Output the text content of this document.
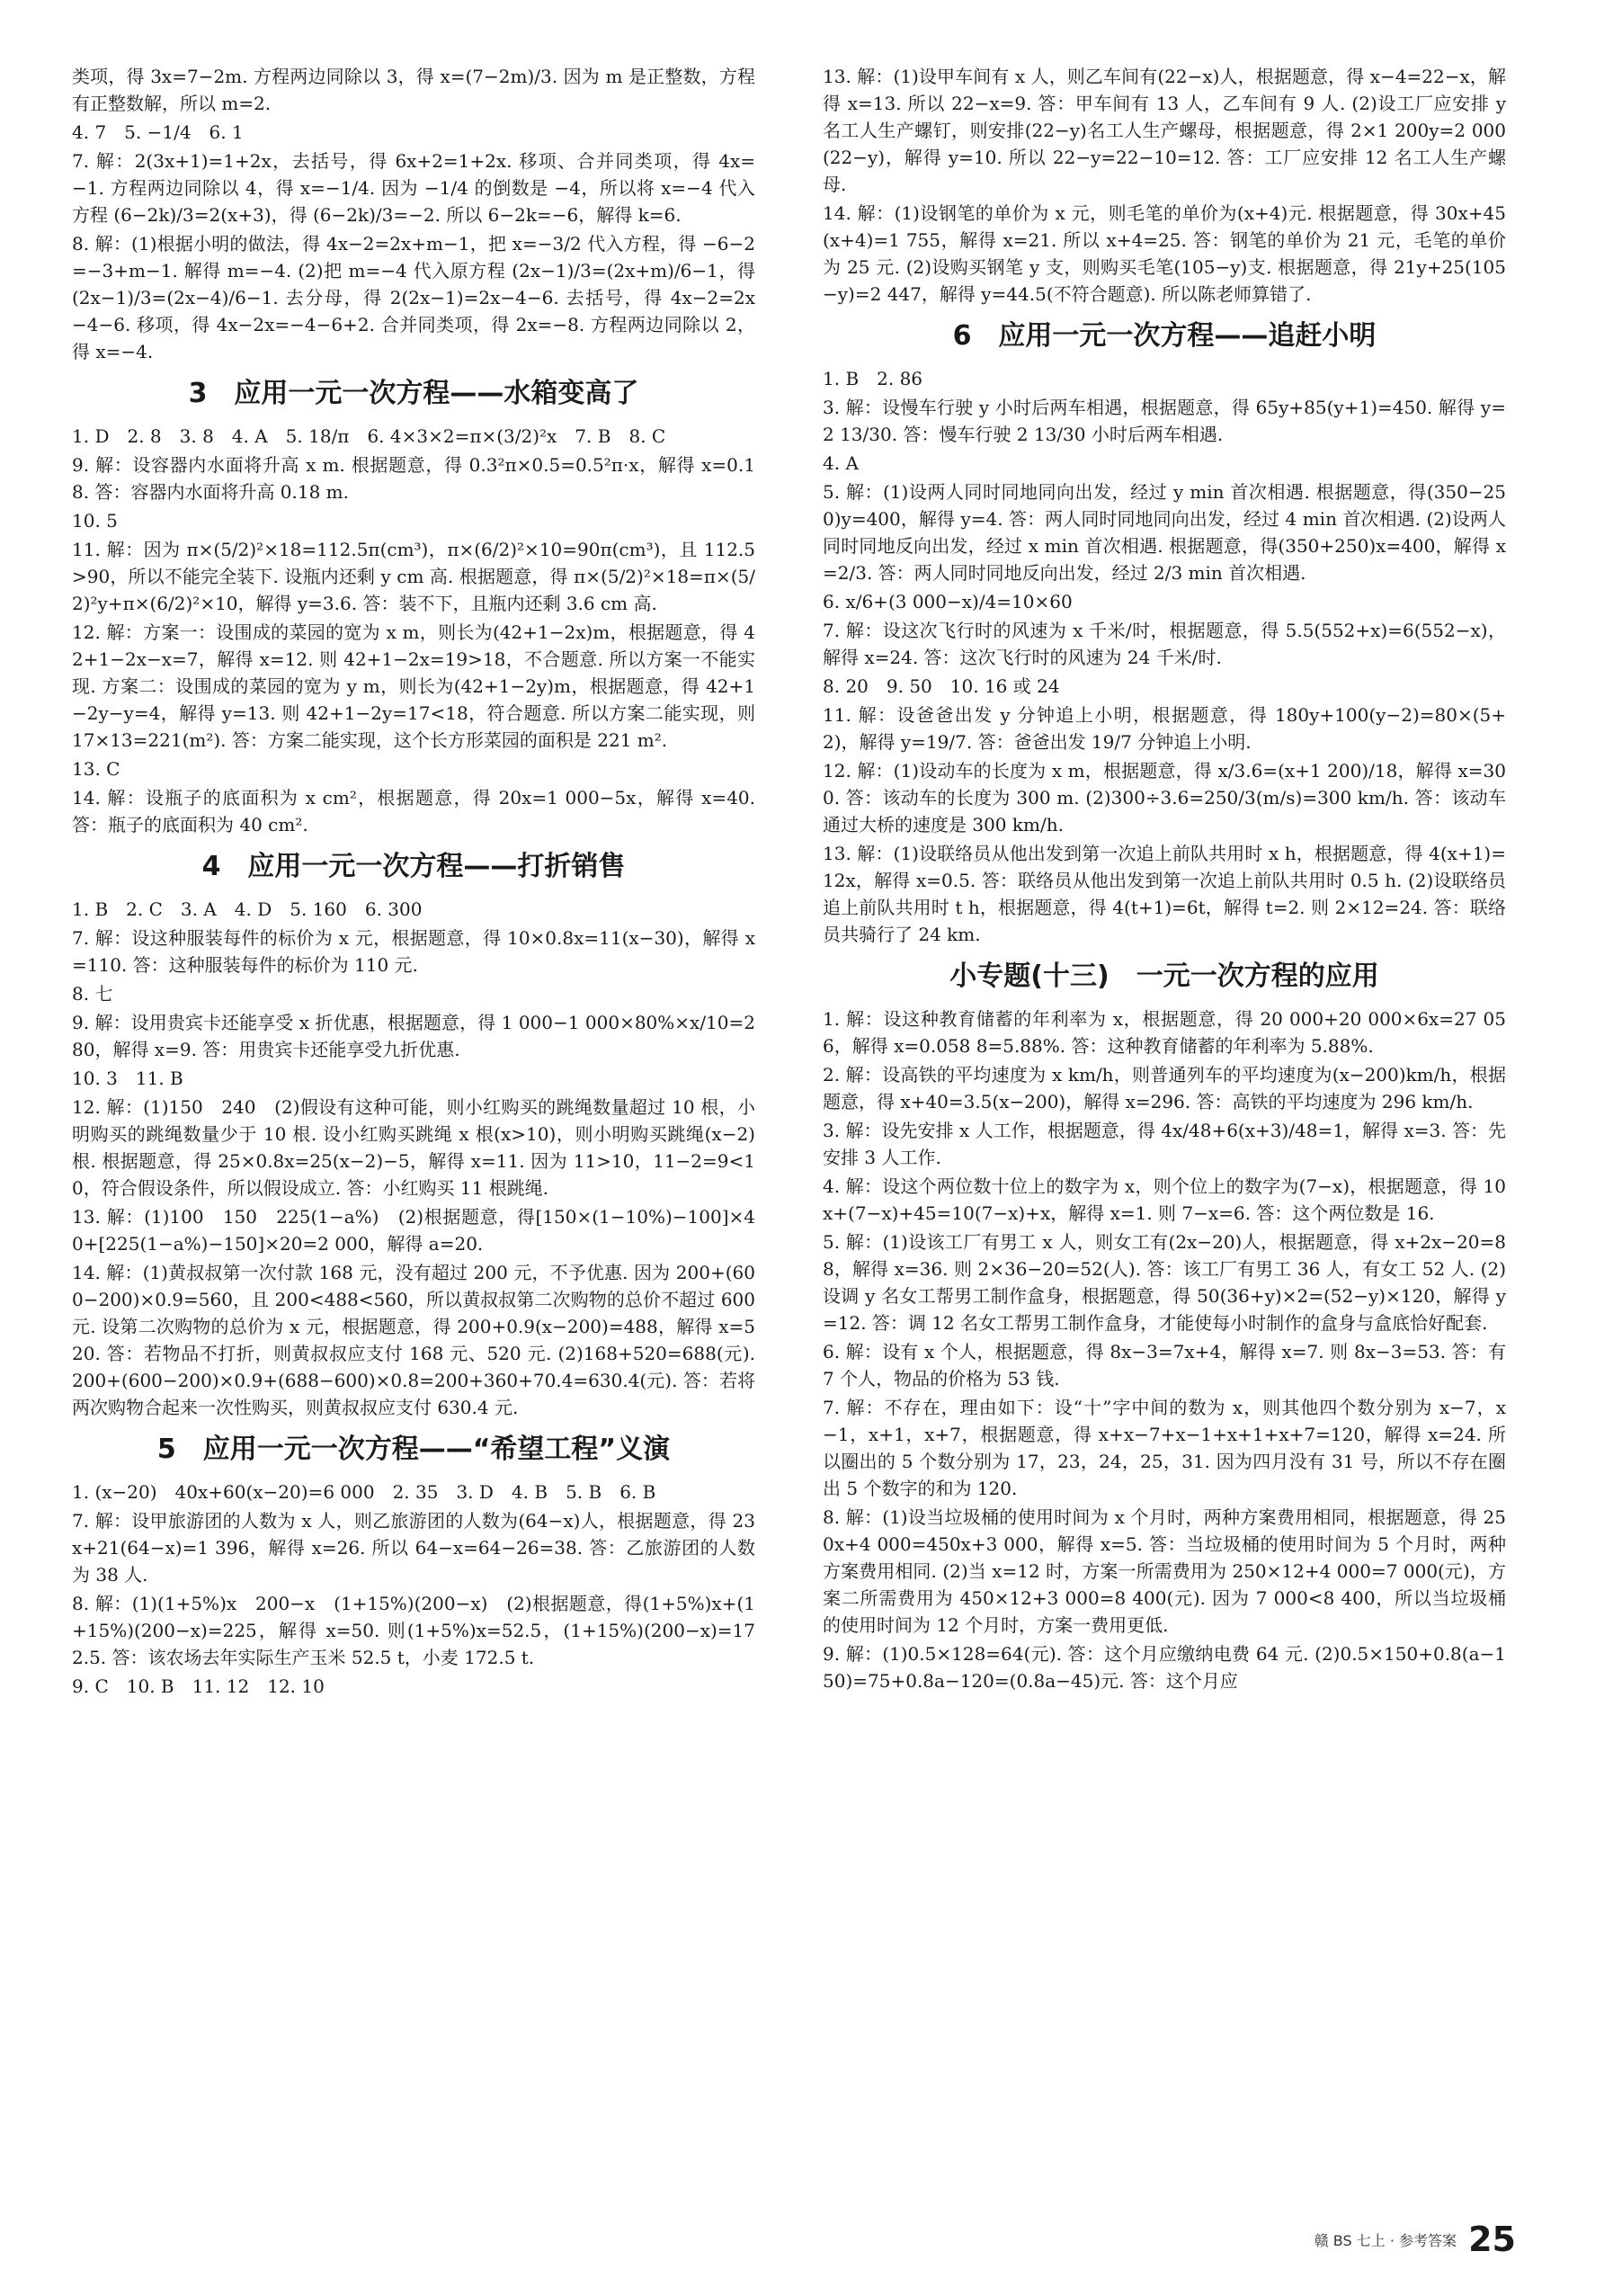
类项，得 3x=7−2m. 方程两边同除以 3，得 x=(7−2m)/3. 因为 m 是正整数，方程有正整数解，所以 m=2.
4. 7　5. −1/4　6. 1
7. 解：2(3x+1)=1+2x，去括号，得 6x+2=1+2x. 移项、合并同类项，得 4x=−1. 方程两边同除以 4，得 x=−1/4. 因为 −1/4 的倒数是 −4，所以将 x=−4 代入方程 (6−2k)/3=2(x+3)，得 (6−2k)/3=−2. 所以 6−2k=−6，解得 k=6.
8. 解：(1)根据小明的做法，得 4x−2=2x+m−1，把 x=−3/2 代入方程，得 −6−2=−3+m−1. 解得 m=−4. (2)把 m=−4 代入原方程 (2x−1)/3=(2x+m)/6−1，得 (2x−1)/3=(2x−4)/6−1. 去分母，得 2(2x−1)=2x−4−6. 去括号，得 4x−2=2x−4−6. 移项，得 4x−2x=−4−6+2. 合并同类项，得 2x=−8. 方程两边同除以 2，得 x=−4.
3　应用一元一次方程——水箱变高了
1. D　2. 8　3. 8　4. A　5. 18/π　6. 4×3×2=π×(3/2)²x　7. B　8. C
9. 解：设容器内水面将升高 x m. 根据题意，得 0.3²π×0.5=0.5²π·x，解得 x=0.18. 答：容器内水面将升高 0.18 m.
10. 5
11. 解：因为 π×(5/2)²×18=112.5π(cm³)，π×(6/2)²×10=90π(cm³)，且 112.5>90，所以不能完全装下. 设瓶内还剩 y cm 高. 根据题意，得 π×(5/2)²×18=π×(5/2)²y+π×(6/2)²×10，解得 y=3.6. 答：装不下，且瓶内还剩 3.6 cm 高.
12. 解：方案一：设围成的菜园的宽为 x m，则长为(42+1−2x)m，根据题意，得 42+1−2x−x=7，解得 x=12. 则 42+1−2x=19>18，不合题意. 所以方案一不能实现. 方案二：设围成的菜园的宽为 y m，则长为(42+1−2y)m，根据题意，得 42+1−2y−y=4，解得 y=13. 则 42+1−2y=17<18，符合题意. 所以方案二能实现，则 17×13=221(m²). 答：方案二能实现，这个长方形菜园的面积是 221 m².
13. C
14. 解：设瓶子的底面积为 x cm²，根据题意，得 20x=1 000−5x，解得 x=40. 答：瓶子的底面积为 40 cm².
4　应用一元一次方程——打折销售
1. B　2. C　3. A　4. D　5. 160　6. 300
7. 解：设这种服装每件的标价为 x 元，根据题意，得 10×0.8x=11(x−30)，解得 x=110. 答：这种服装每件的标价为 110 元.
8. 七
9. 解：设用贵宾卡还能享受 x 折优惠，根据题意，得 1 000−1 000×80%×x/10=280，解得 x=9. 答：用贵宾卡还能享受九折优惠.
10. 3　11. B
12. 解：(1)150　240　(2)假设有这种可能，则小红购买的跳绳数量超过 10 根，小明购买的跳绳数量少于 10 根. 设小红购买跳绳 x 根(x>10)，则小明购买跳绳(x−2)根. 根据题意，得 25×0.8x=25(x−2)−5，解得 x=11. 因为 11>10，11−2=9<10，符合假设条件，所以假设成立. 答：小红购买 11 根跳绳.
13. 解：(1)100　150　225(1−a%)　(2)根据题意，得[150×(1−10%)−100]×40+[225(1−a%)−150]×20=2 000，解得 a=20.
14. 解：(1)黄叔叔第一次付款 168 元，没有超过 200 元，不予优惠. 因为 200+(600−200)×0.9=560，且 200<488<560，所以黄叔叔第二次购物的总价不超过 600 元. 设第二次购物的总价为 x 元，根据题意，得 200+0.9(x−200)=488，解得 x=520. 答：若物品不打折，则黄叔叔应支付 168 元、520 元. (2)168+520=688(元). 200+(600−200)×0.9+(688−600)×0.8=200+360+70.4=630.4(元). 答：若将两次购物合起来一次性购买，则黄叔叔应支付 630.4 元.
5　应用一元一次方程——“希望工程”义演
1. (x−20)　40x+60(x−20)=6 000　2. 35　3. D　4. B　5. B　6. B
7. 解：设甲旅游团的人数为 x 人，则乙旅游团的人数为(64−x)人，根据题意，得 23x+21(64−x)=1 396，解得 x=26. 所以 64−x=64−26=38. 答：乙旅游团的人数为 38 人.
8. 解：(1)(1+5%)x　200−x　(1+15%)(200−x)　(2)根据题意，得(1+5%)x+(1+15%)(200−x)=225，解得 x=50. 则(1+5%)x=52.5，(1+15%)(200−x)=172.5. 答：该农场去年实际生产玉米 52.5 t，小麦 172.5 t.
9. C　10. B　11. 12　12. 10
13. 解：(1)设甲车间有 x 人，则乙车间有(22−x)人，根据题意，得 x−4=22−x，解得 x=13. 所以 22−x=9. 答：甲车间有 13 人，乙车间有 9 人. (2)设工厂应安排 y 名工人生产螺钉，则安排(22−y)名工人生产螺母，根据题意，得 2×1 200y=2 000(22−y)，解得 y=10. 所以 22−y=22−10=12. 答：工厂应安排 12 名工人生产螺母.
14. 解：(1)设钢笔的单价为 x 元，则毛笔的单价为(x+4)元. 根据题意，得 30x+45(x+4)=1 755，解得 x=21. 所以 x+4=25. 答：钢笔的单价为 21 元，毛笔的单价为 25 元. (2)设购买钢笔 y 支，则购买毛笔(105−y)支. 根据题意，得 21y+25(105−y)=2 447，解得 y=44.5(不符合题意). 所以陈老师算错了.
6　应用一元一次方程——追赶小明
1. B　2. 86
3. 解：设慢车行驶 y 小时后两车相遇，根据题意，得 65y+85(y+1)=450. 解得 y=2 13/30. 答：慢车行驶 2 13/30 小时后两车相遇.
4. A
5. 解：(1)设两人同时同地同向出发，经过 y min 首次相遇. 根据题意，得(350−250)y=400，解得 y=4. 答：两人同时同地同向出发，经过 4 min 首次相遇. (2)设两人同时同地反向出发，经过 x min 首次相遇. 根据题意，得(350+250)x=400，解得 x=2/3. 答：两人同时同地反向出发，经过 2/3 min 首次相遇.
6. x/6+(3 000−x)/4=10×60
7. 解：设这次飞行时的风速为 x 千米/时，根据题意，得 5.5(552+x)=6(552−x)，解得 x=24. 答：这次飞行时的风速为 24 千米/时.
8. 20　9. 50　10. 16 或 24
11. 解：设爸爸出发 y 分钟追上小明，根据题意，得 180y+100(y−2)=80×(5+2)，解得 y=19/7. 答：爸爸出发 19/7 分钟追上小明.
12. 解：(1)设动车的长度为 x m，根据题意，得 x/3.6=(x+1 200)/18，解得 x=300. 答：该动车的长度为 300 m. (2)300÷3.6=250/3(m/s)=300 km/h. 答：该动车通过大桥的速度是 300 km/h.
13. 解：(1)设联络员从他出发到第一次追上前队共用时 x h，根据题意，得 4(x+1)=12x，解得 x=0.5. 答：联络员从他出发到第一次追上前队共用时 0.5 h. (2)设联络员追上前队共用时 t h，根据题意，得 4(t+1)=6t，解得 t=2. 则 2×12=24. 答：联络员共骑行了 24 km.
小专题(十三)　一元一次方程的应用
1. 解：设这种教育储蓄的年利率为 x，根据题意，得 20 000+20 000×6x=27 056，解得 x=0.058 8=5.88%. 答：这种教育储蓄的年利率为 5.88%.
2. 解：设高铁的平均速度为 x km/h，则普通列车的平均速度为(x−200)km/h，根据题意，得 x+40=3.5(x−200)，解得 x=296. 答：高铁的平均速度为 296 km/h.
3. 解：设先安排 x 人工作，根据题意，得 4x/48+6(x+3)/48=1，解得 x=3. 答：先安排 3 人工作.
4. 解：设这个两位数十位上的数字为 x，则个位上的数字为(7−x)，根据题意，得 10x+(7−x)+45=10(7−x)+x，解得 x=1. 则 7−x=6. 答：这个两位数是 16.
5. 解：(1)设该工厂有男工 x 人，则女工有(2x−20)人，根据题意，得 x+2x−20=88，解得 x=36. 则 2×36−20=52(人). 答：该工厂有男工 36 人，有女工 52 人. (2)设调 y 名女工帮男工制作盒身，根据题意，得 50(36+y)×2=(52−y)×120，解得 y=12. 答：调 12 名女工帮男工制作盒身，才能使每小时制作的盒身与盒底恰好配套.
6. 解：设有 x 个人，根据题意，得 8x−3=7x+4，解得 x=7. 则 8x−3=53. 答：有 7 个人，物品的价格为 53 钱.
7. 解：不存在，理由如下：设“十”字中间的数为 x，则其他四个数分别为 x−7，x−1，x+1，x+7，根据题意，得 x+x−7+x−1+x+1+x+7=120，解得 x=24. 所以圈出的 5 个数分别为 17，23，24，25，31. 因为四月没有 31 号，所以不存在圈出 5 个数字的和为 120.
8. 解：(1)设当垃圾桶的使用时间为 x 个月时，两种方案费用相同，根据题意，得 250x+4 000=450x+3 000，解得 x=5. 答：当垃圾桶的使用时间为 5 个月时，两种方案费用相同. (2)当 x=12 时，方案一所需费用为 250×12+4 000=7 000(元)，方案二所需费用为 450×12+3 000=8 400(元). 因为 7 000<8 400，所以当垃圾桶的使用时间为 12 个月时，方案一费用更低.
9. 解：(1)0.5×128=64(元). 答：这个月应缴纳电费 64 元. (2)0.5×150+0.8(a−150)=75+0.8a−120=(0.8a−45)元. 答：这个月应
赣 BS 七上 · 参考答案 25
